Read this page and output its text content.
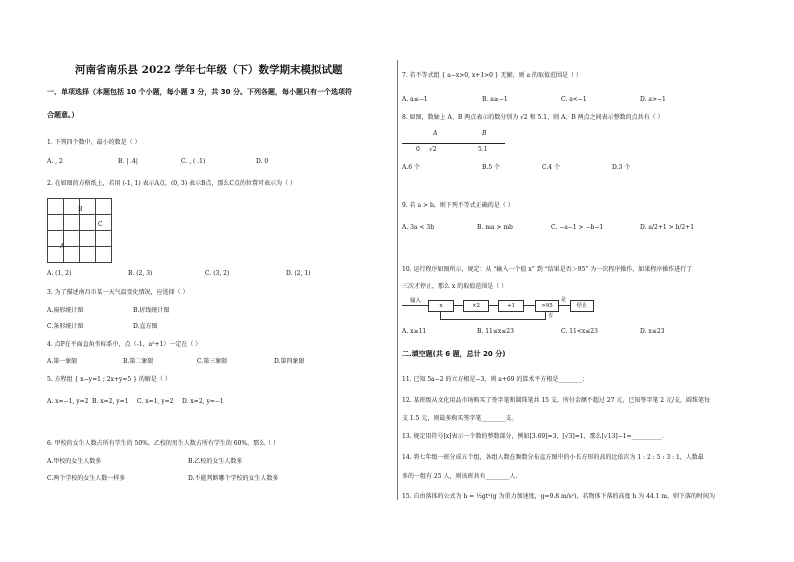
河南省南乐县 2022 学年七年级（下）数学期末模拟试题
一、单项选择（本题包括 10 个小题，每小题 3 分，共 30 分。下列各题，每小题只有一个选项符
合题意。）
1. 下列四个数中，最小的数是（ ）
A. , 2	B. | .4|	C. , ( .1)	D. 0
2. 在如图的方格纸上，若用 (-1, 1) 表示A点，(0, 3) 表示B点，那么C点的位置可表示为（ ）

B
C
A
A. (1, 2)	B. (2, 3)	C. (3, 2)	D. (2, 1)
3. 为了描述南昌市某一天气温变化情况，应选择（ ）
A.扇形统计图	B.折线统计图
C.条形统计图	D.直方图
4. 点P在平面直角坐标系中，点（-1，a²+1）一定在（ ）
A.第一象限	B.第二象限	C.第三象限	D.第四象限
5. 方程组 { x−y=1 ; 2x+y=5 } 的解是（ ）
A. x=−1, y=2 B. x=2, y=1 C. x=1, y=2 D. x=2, y=−1
6. 甲校的女生人数占所有学生的 50%，乙校的男生人数占所有学生的 60%，那么（ ）
A.甲校的女生人数多	B.乙校的女生人数多
C.两个学校的女生人数一样多	D.不能判断哪个学校的女生人数多
7. 若不等式组 { a−x>0, x+1>0 } 无解，则 a 的取值范围是（ ）
A. a≤−1	B. a≥−1	C. a<−1	D. a>−1
8. 如图，数轴上 A、B 两点表示的数分别为 √2 和 5.1，则 A、B 两点之间表示整数的点共有（ ）
A	B
0 √2	5.1
A.6 个	B.5 个	C.4 个	D.3 个
9. 若 a > b，则下列不等式正确的是（ ）
A. 3a < 3b	B. ma > mb	C. −a−1 > −b−1	D. a/2+1 > b/2+1
10. 运行程序如图所示，规定：从 “输入一个值 x” 到 “结果是否＞95” 为一次程序操作，如果程序操作进行了
三次才停止，那么 x 的取值范围是（ ）
输入
x	×2	+1	>95
是
停止
否
A. x≥11	B. 11≤x≤23	C. 11<x≤23	D. x≤23
二.填空题(共 6 题，总计 20 分)
11. 已知 5a−2 的立方根是−3，则 a+69 的算术平方根是________；
12. 某班级从文化用品市场购买了签字笔和圆珠笔共 15 支，所付金额不超过 27 元，已知签字笔 2 元/支，圆珠笔每
支 1.5 元，则最多购买签字笔________支。
13. 规定用符号[x]表示一个数的整数部分，例如[3.69]=3，[√3]=1，那么[√13]−1=__________.
14. 将七年级一班分成五个组，各组人数在频数分布直方图中的小长方形的高的比依次为 1 : 2 : 5 : 3 : 1，人数最
多的一组有 25 人，则该班共有________人.
15. 自由落体的公式为 h = ½gt²(g 为重力加速度，g=9.8 m/s²)，若物体下落的高度 h 为 44.1 m，则下落的时间为
